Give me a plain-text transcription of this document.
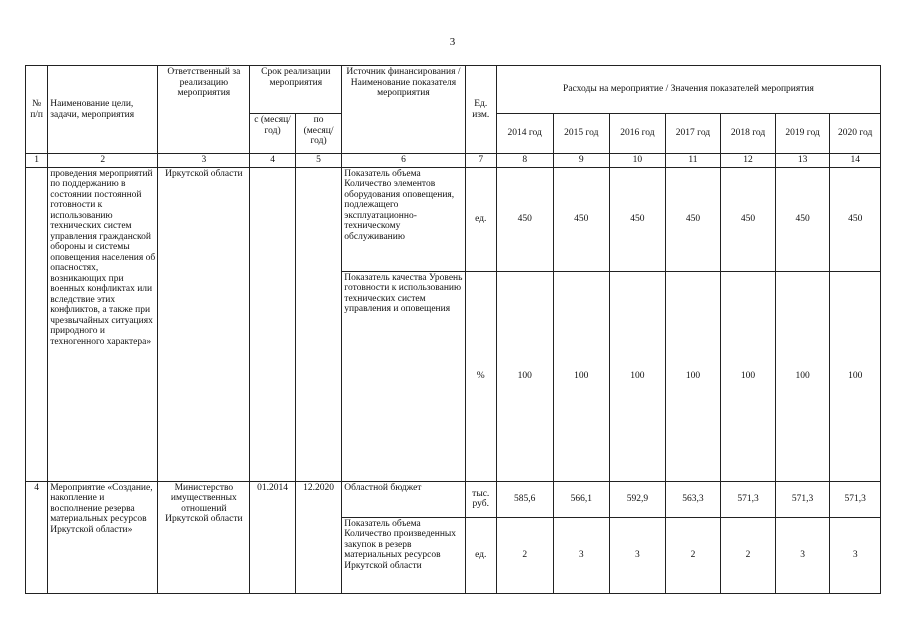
3
№ п/п	Наименование цели, задачи, мероприятия	Ответственный за реализацию мероприятия	Срок реализации мероприятия		Источник финансирования / Наименование показателя мероприятия	Ед. изм.	Расходы на мероприятие / Значения показателей мероприятия						
			с (месяц/ год)	по (месяц/ год)			2014 год	2015 год	2016 год	2017 год	2018 год	2019 год	2020 год
1	2	3	4	5	6	7	8	9	10	11	12	13	14
	проведения мероприятий по поддержанию в состоянии постоянной готовности к использованию технических систем управления гражданской обороны и системы оповещения населения об опасностях, возникающих при военных конфликтах или вследствие этих конфликтов, а также при чрезвычайных ситуациях природного и техногенного характера»	Иркутской области			Показатель объема Количество элементов оборудования оповещения, подлежащего эксплуатационно-техническому обслуживанию	ед.	450	450	450	450	450	450	450
					Показатель качества Уровень готовности к использованию технических систем управления и оповещения	%	100	100	100	100	100	100	100
4	Мероприятие «Создание, накопление и восполнение резерва материальных ресурсов Иркутской области»	Министерство имущественных отношений Иркутской области	01.2014	12.2020	Областной бюджет	тыс. руб.	585,6	566,1	592,9	563,3	571,3	571,3	571,3
					Показатель объема Количество произведенных закупок в резерв материальных ресурсов Иркутской области	ед.	2	3	3	2	2	3	3
